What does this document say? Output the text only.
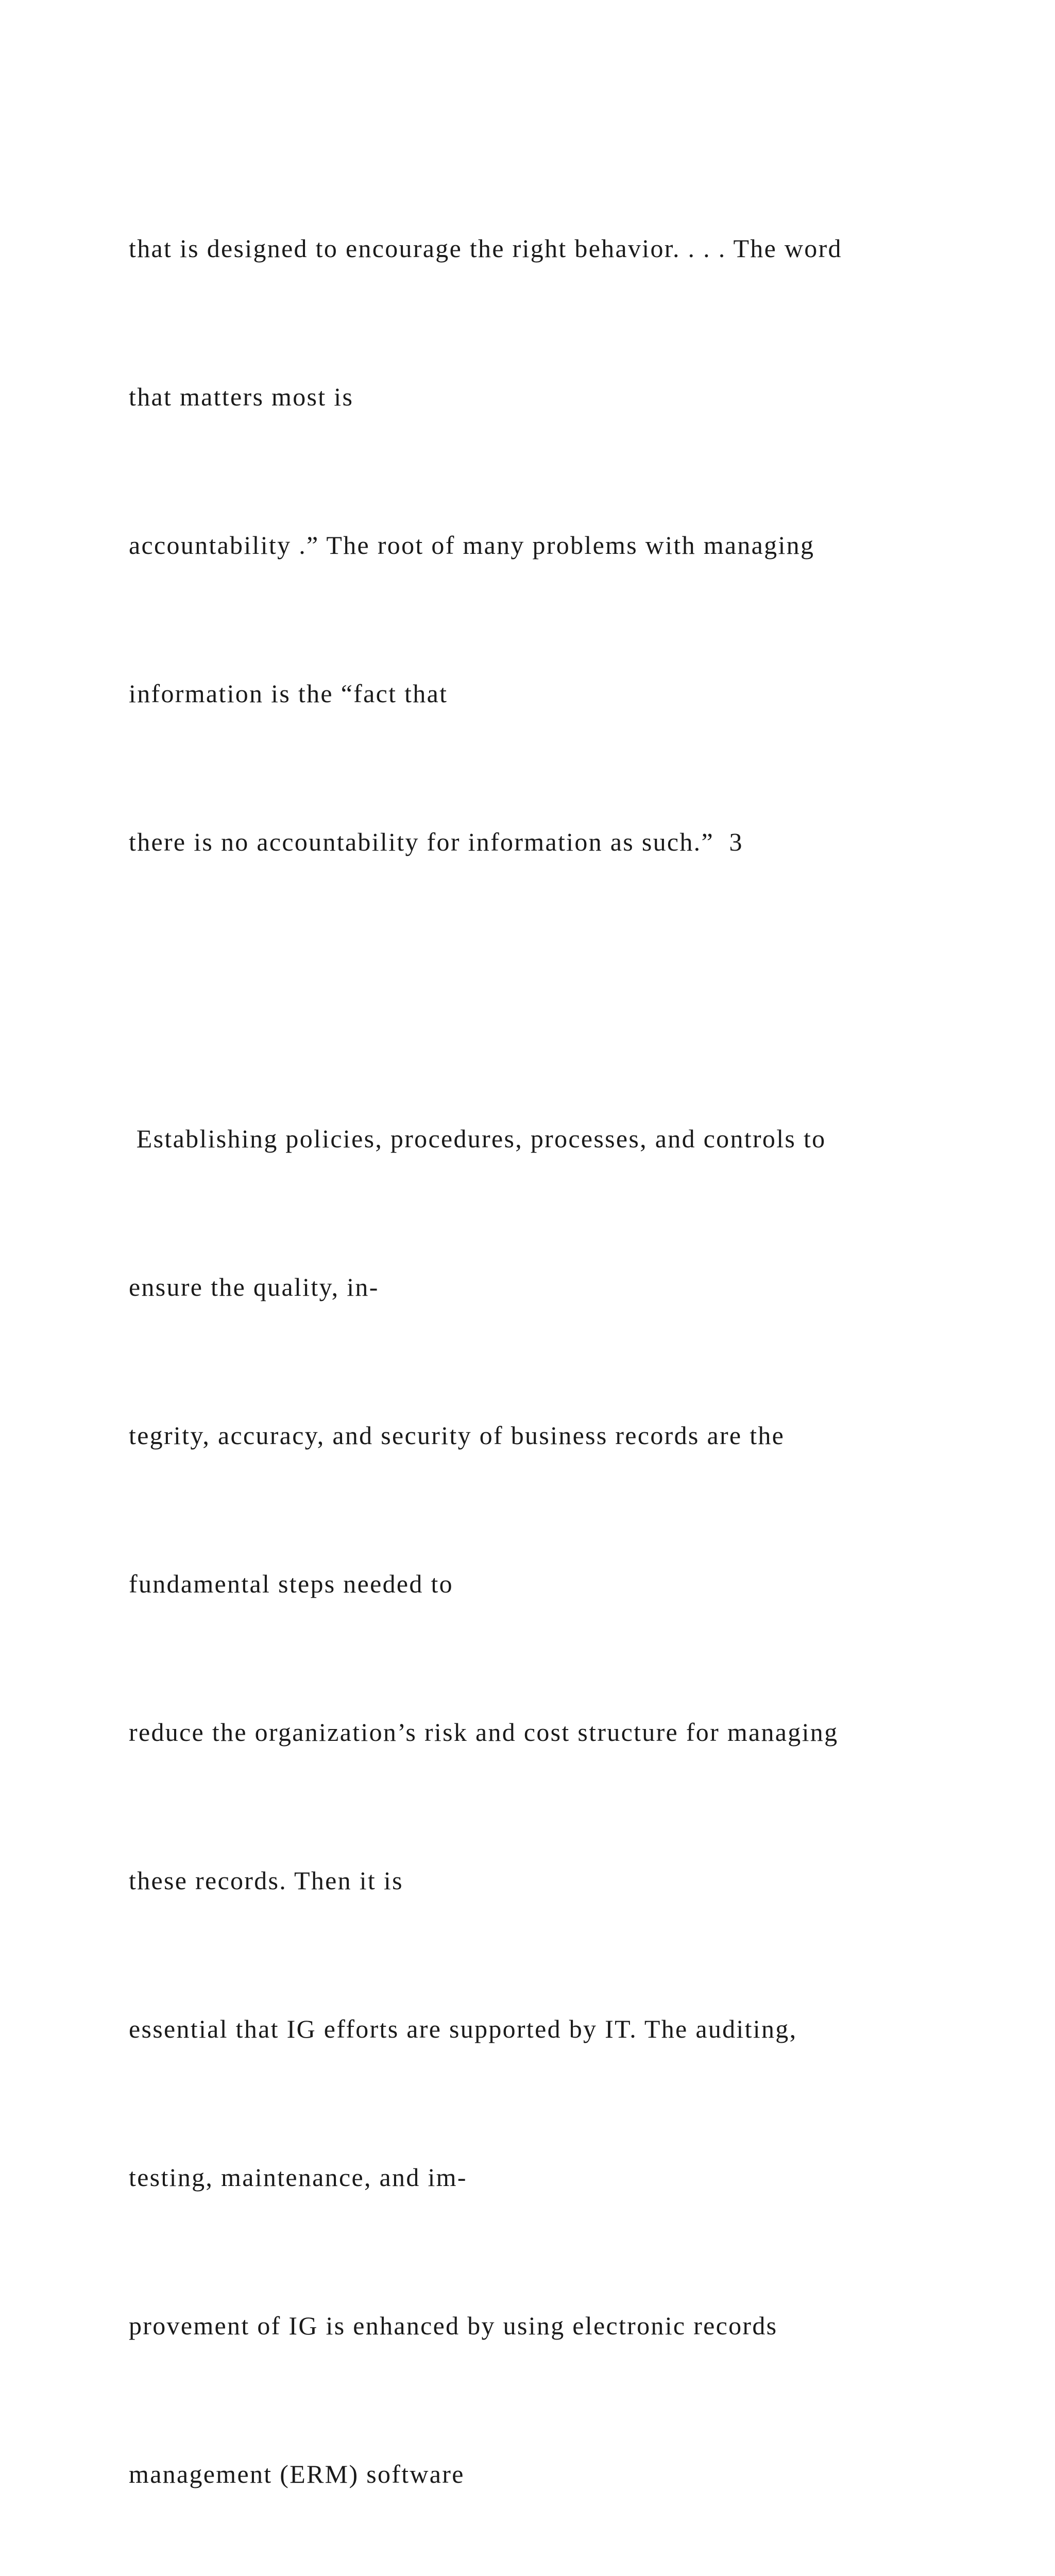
that is designed to encourage the right behavior. . . . The word

that matters most is

accountability .” The root of many problems with managing

information is the “fact that

there is no accountability for information as such.”  3

Establishing policies, procedures, processes, and controls to

ensure the quality, in-

tegrity, accuracy, and security of business records are the

fundamental steps needed to

reduce the organization’s risk and cost structure for managing

these records. Then it is

essential that IG efforts are supported by IT. The auditing,

testing, maintenance, and im-

provement of IG is enhanced by using electronic records

management (ERM) software
